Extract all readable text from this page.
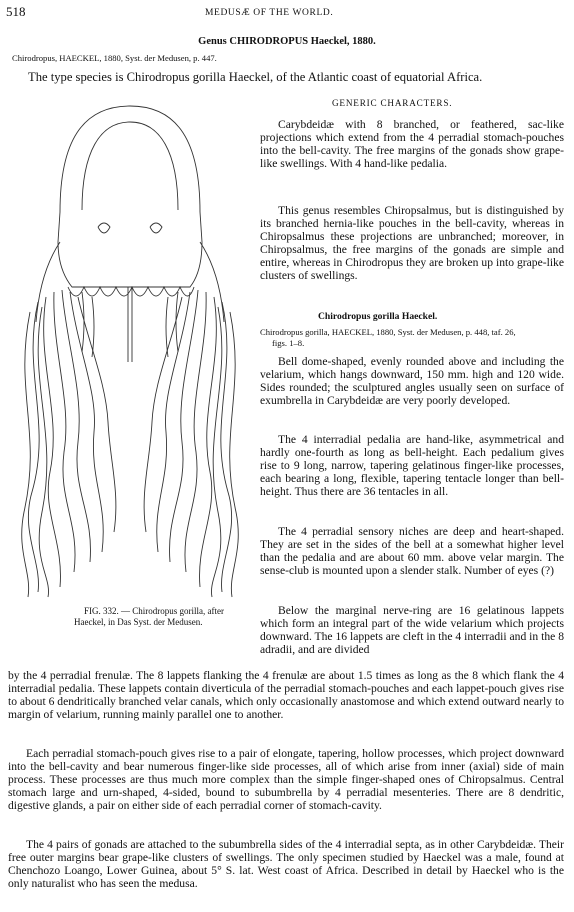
518	MEDUSÆ OF THE WORLD.
Genus CHIRODROPUS Haeckel, 1880.
Chirodropus, HAECKEL, 1880, Syst. der Medusen, p. 447.
The type species is Chirodropus gorilla Haeckel, of the Atlantic coast of equatorial Africa.
GENERIC CHARACTERS.
FIG. 332. — Chirodropus gorilla, after Haeckel, in Das Syst. der Medusen.
Carybdeidæ with 8 branched, or feathered, sac-like projections which extend from the 4 perradial stomach-pouches into the bell-cavity. The free margins of the gonads show grape-like swellings. With 4 hand-like pedalia.
This genus resembles Chiropsalmus, but is distinguished by its branched hernia-like pouches in the bell-cavity, whereas in Chiropsalmus these projections are unbranched; moreover, in Chiropsalmus, the free margins of the gonads are simple and entire, whereas in Chirodropus they are broken up into grape-like clusters of swellings.
Chirodropus gorilla Haeckel.
Chirodropus gorilla, HAECKEL, 1880, Syst. der Medusen, p. 448, taf. 26,
figs. 1–8.
Bell dome-shaped, evenly rounded above and including the velarium, which hangs downward, 150 mm. high and 120 wide. Sides rounded; the sculptured angles usually seen on surface of exumbrella in Carybdeidæ are very poorly developed.
The 4 interradial pedalia are hand-like, asymmetrical and hardly one-fourth as long as bell-height. Each pedalium gives rise to 9 long, narrow, tapering gelatinous finger-like processes, each bearing a long, flexible, tapering tentacle longer than bell-height. Thus there are 36 tentacles in all.
The 4 perradial sensory niches are deep and heart-shaped. They are set in the sides of the bell at a somewhat higher level than the pedalia and are about 60 mm. above velar margin. The sense-club is mounted upon a slender stalk. Number of eyes (?)
Below the marginal nerve-ring are 16 gelatinous lappets which form an integral part of the wide velarium which projects downward. The 16 lappets are cleft in the 4 interradii and in the 8 adradii, and are divided
by the 4 perradial frenulæ. The 8 lappets flanking the 4 frenulæ are about 1.5 times as long as the 8 which flank the 4 interradial pedalia. These lappets contain diverticula of the perradial stomach-pouches and each lappet-pouch gives rise to about 6 dendritically branched velar canals, which only occasionally anastomose and which extend outward nearly to margin of velarium, running mainly parallel one to another.
Each perradial stomach-pouch gives rise to a pair of elongate, tapering, hollow processes, which project downward into the bell-cavity and bear numerous finger-like side processes, all of which arise from inner (axial) side of main process. These processes are thus much more complex than the simple finger-shaped ones of Chiropsalmus. Central stomach large and urn-shaped, 4-sided, bound to subumbrella by 4 perradial mesenteries. There are 8 dendritic, digestive glands, a pair on either side of each perradial corner of stomach-cavity.
The 4 pairs of gonads are attached to the subumbrella sides of the 4 interradial septa, as in other Carybdeidæ. Their free outer margins bear grape-like clusters of swellings. The only specimen studied by Haeckel was a male, found at Chenchozo Loango, Lower Guinea, about 5° S. lat. West coast of Africa. Described in detail by Haeckel who is the only naturalist who has seen the medusa.
